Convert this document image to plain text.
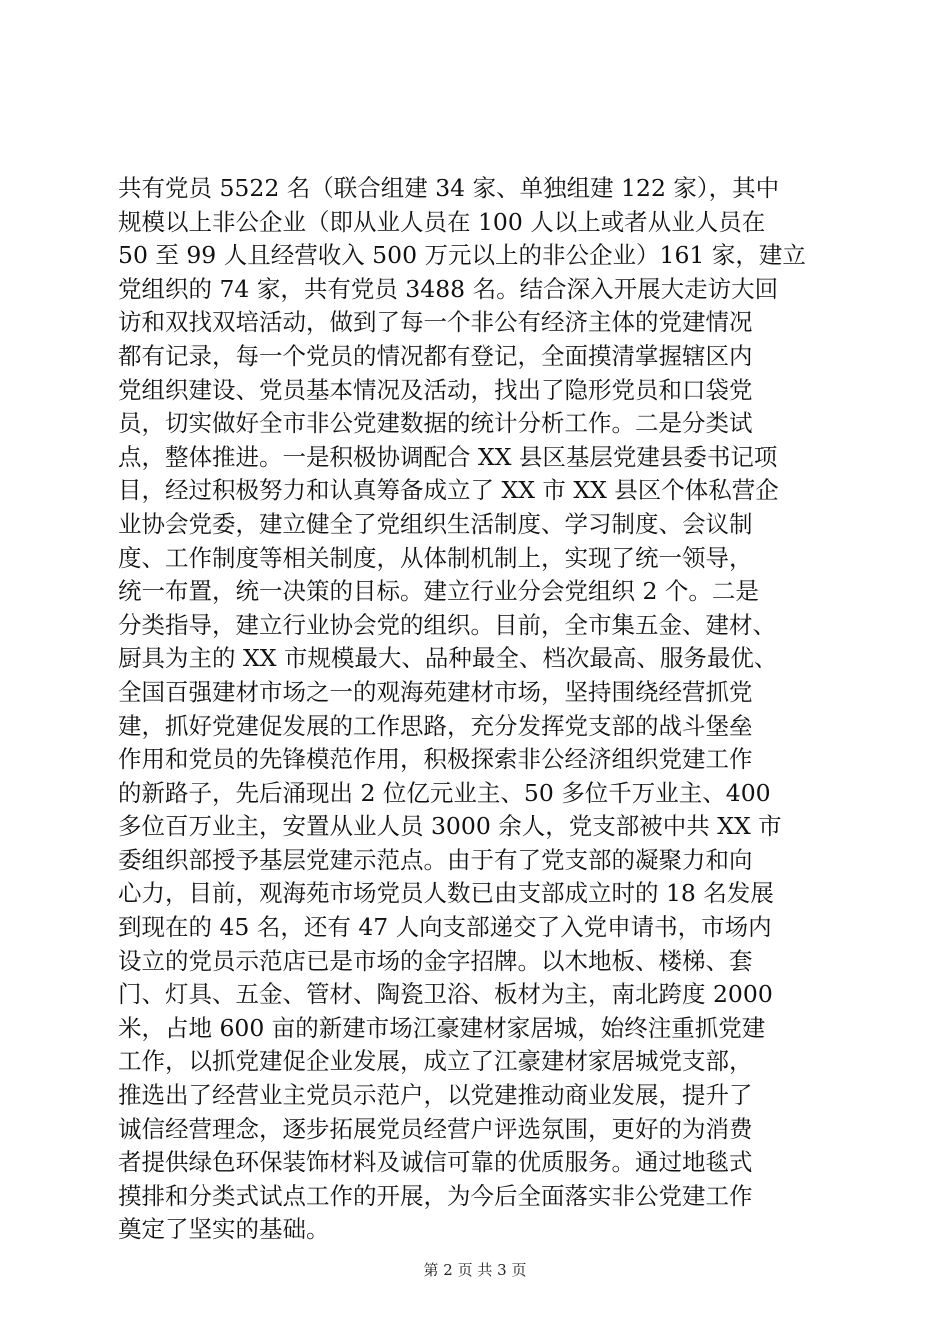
共有党员 5522 名（联合组建 34 家、单独组建 122 家），其中
规模以上非公企业（即从业人员在 100 人以上或者从业人员在
50 至 99 人且经营收入 500 万元以上的非公企业）161 家，建立
党组织的 74 家，共有党员 3488 名。结合深入开展大走访大回
访和双找双培活动，做到了每一个非公有经济主体的党建情况
都有记录，每一个党员的情况都有登记，全面摸清掌握辖区内
党组织建设、党员基本情况及活动，找出了隐形党员和口袋党
员，切实做好全市非公党建数据的统计分析工作。二是分类试
点，整体推进。一是积极协调配合 XX 县区基层党建县委书记项
目，经过积极努力和认真筹备成立了 XX 市 XX 县区个体私营企
业协会党委，建立健全了党组织生活制度、学习制度、会议制
度、工作制度等相关制度，从体制机制上，实现了统一领导，
统一布置，统一决策的目标。建立行业分会党组织 2 个。二是
分类指导，建立行业协会党的组织。目前，全市集五金、建材、
厨具为主的 XX 市规模最大、品种最全、档次最高、服务最优、
全国百强建材市场之一的观海苑建材市场，坚持围绕经营抓党
建，抓好党建促发展的工作思路，充分发挥党支部的战斗堡垒
作用和党员的先锋模范作用，积极探索非公经济组织党建工作
的新路子，先后涌现出 2 位亿元业主、50 多位千万业主、400
多位百万业主，安置从业人员 3000 余人，党支部被中共 XX 市
委组织部授予基层党建示范点。由于有了党支部的凝聚力和向
心力，目前，观海苑市场党员人数已由支部成立时的 18 名发展
到现在的 45 名，还有 47 人向支部递交了入党申请书，市场内
设立的党员示范店已是市场的金字招牌。以木地板、楼梯、套
门、灯具、五金、管材、陶瓷卫浴、板材为主，南北跨度 2000
米，占地 600 亩的新建市场江豪建材家居城，始终注重抓党建
工作，以抓党建促企业发展，成立了江豪建材家居城党支部，
推选出了经营业主党员示范户，以党建推动商业发展，提升了
诚信经营理念，逐步拓展党员经营户评选氛围，更好的为消费
者提供绿色环保装饰材料及诚信可靠的优质服务。通过地毯式
摸排和分类式试点工作的开展，为今后全面落实非公党建工作
奠定了坚实的基础。
第 2 页 共 3 页
